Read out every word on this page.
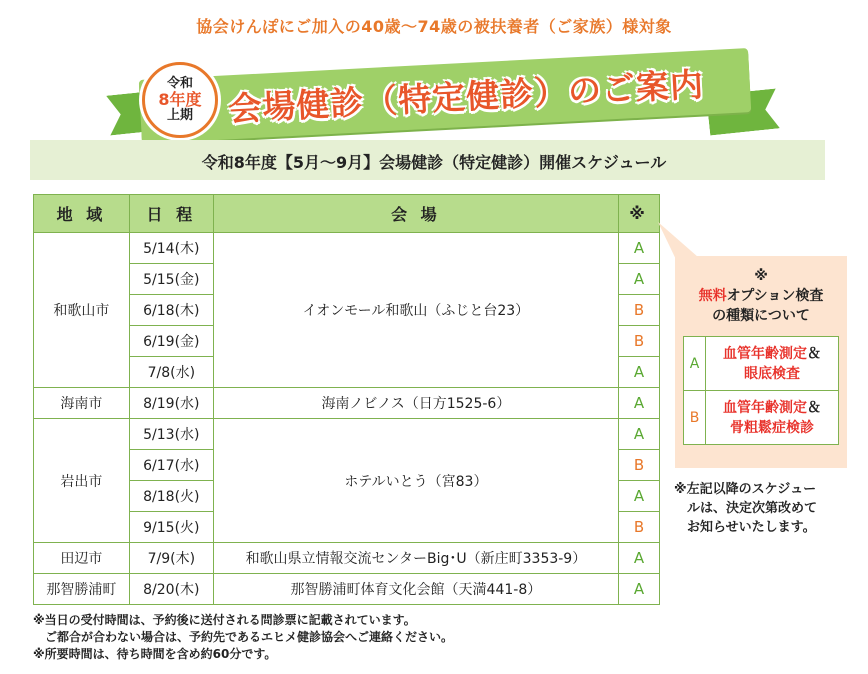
協会けんぽにご加入の40歳〜74歳の被扶養者（ご家族）様対象
会場健診（特定健診）のご案内
令和
8年度
上期
令和8年度【5月〜9月】会場健診（特定健診）開催スケジュール
地 域	日 程	会 場	※
和歌山市	5/14(木)	イオンモール和歌山（ふじと台23）	A
	5/15(金)		A
	6/18(木)		B
	6/19(金)		B
	7/8(水)		A
海南市	8/19(水)	海南ノビノス（日方1525-6）	A
岩出市	5/13(水)	ホテルいとう（宮83）	A
	6/17(水)		B
	8/18(火)		A
	9/15(火)		B
田辺市	7/9(木)	和歌山県立情報交流センターBig･U（新庄町3353-9）	A
那智勝浦町	8/20(木)	那智勝浦町体育文化会館（天満441-8）	A
※
無料オプション検査
の種類について
A	血管年齢測定＆
眼底検査
B	血管年齢測定＆
骨粗鬆症検診
※左記以降のスケジュー
ルは、決定次第改めて
お知らせいたします。
※当日の受付時間は、予約後に送付される問診票に記載されています。
ご都合が合わない場合は、予約先であるエヒメ健診協会へご連絡ください。
※所要時間は、待ち時間を含め約60分です。
